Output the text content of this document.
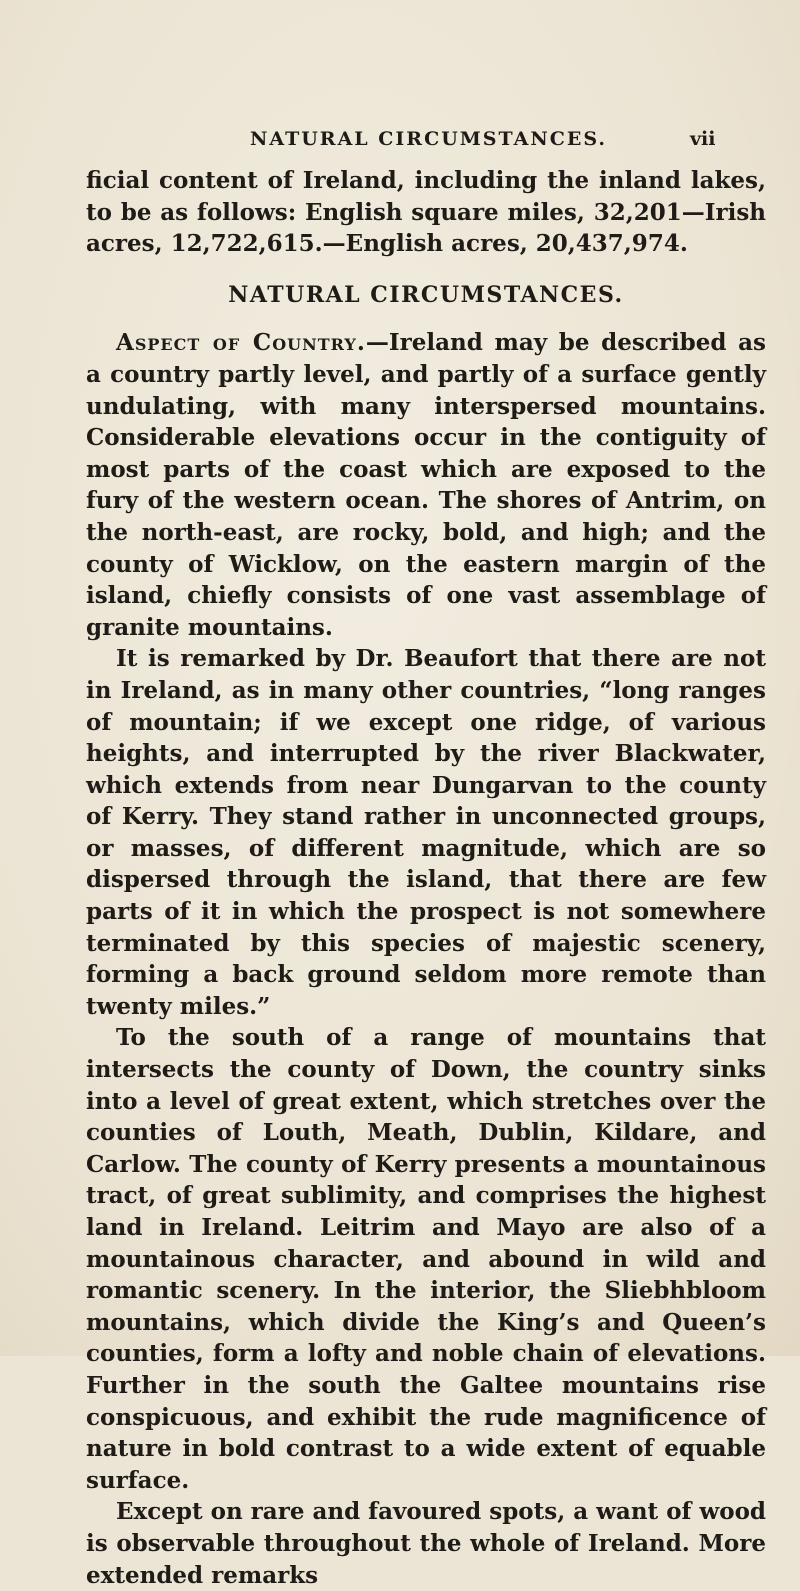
NATURAL CIRCUMSTANCES.	vii

ficial content of Ireland, including the inland lakes, to be as follows: English square miles, 32,201—Irish acres, 12,722,615.—English acres, 20,437,974.

NATURAL CIRCUMSTANCES.

Aspect of Country.—Ireland may be described as a country partly level, and partly of a surface gently undulating, with many interspersed mountains. Considerable elevations occur in the contiguity of most parts of the coast which are exposed to the fury of the western ocean. The shores of Antrim, on the north-east, are rocky, bold, and high; and the county of Wicklow, on the eastern margin of the island, chiefly consists of one vast assemblage of granite mountains.

It is remarked by Dr. Beaufort that there are not in Ireland, as in many other countries, “long ranges of mountain; if we except one ridge, of various heights, and interrupted by the river Blackwater, which extends from near Dungarvan to the county of Kerry. They stand rather in unconnected groups, or masses, of different magnitude, which are so dispersed through the island, that there are few parts of it in which the prospect is not somewhere terminated by this species of majestic scenery, forming a back ground seldom more remote than twenty miles.”

To the south of a range of mountains that intersects the county of Down, the country sinks into a level of great extent, which stretches over the counties of Louth, Meath, Dublin, Kildare, and Carlow. The county of Kerry presents a mountainous tract, of great sublimity, and comprises the highest land in Ireland. Leitrim and Mayo are also of a mountainous character, and abound in wild and romantic scenery. In the interior, the Sliebhbloom mountains, which divide the King’s and Queen’s counties, form a lofty and noble chain of elevations. Further in the south the Galtee mountains rise conspicuous, and exhibit the rude magnificence of nature in bold contrast to a wide extent of equable surface.

Except on rare and favoured spots, a want of wood is observable throughout the whole of Ireland. More extended remarks
